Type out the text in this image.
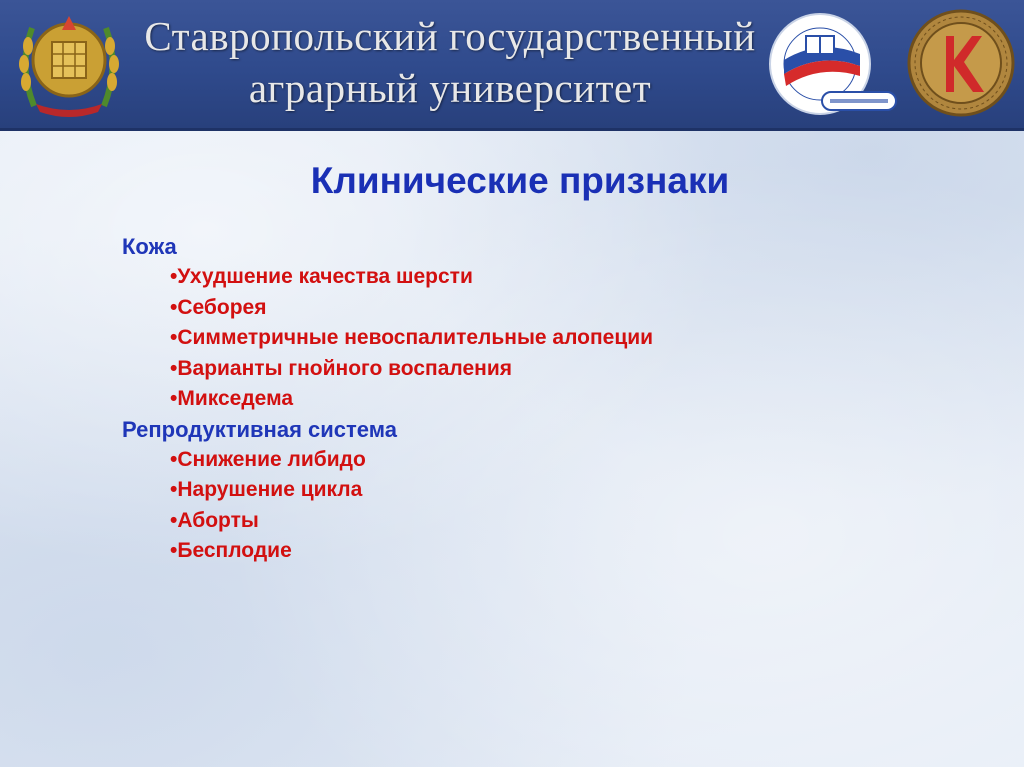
Ставропольский государственный
аграрный университет
Клинические признаки
Кожа
•Ухудшение качества шерсти
•Себорея
•Симметричные невоспалительные алопеции
•Варианты гнойного воспаления
•Микседема
Репродуктивная система
•Снижение либидо
•Нарушение цикла
•Аборты
•Бесплодие
